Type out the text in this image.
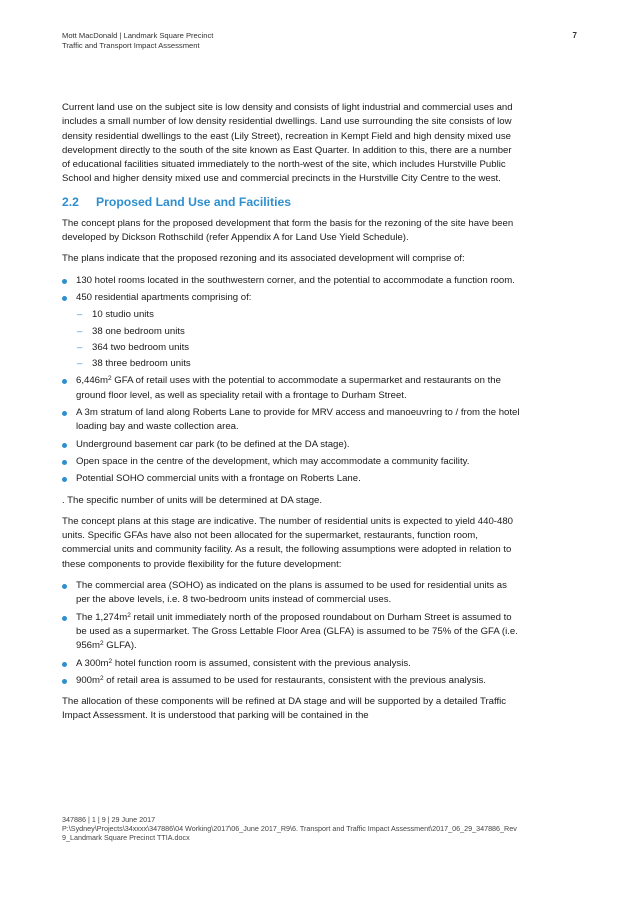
Mott MacDonald | Landmark Square Precinct
Traffic and Transport Impact Assessment
7

Current land use on the subject site is low density and consists of light industrial and commercial uses and includes a small number of low density residential dwellings. Land use surrounding the site consists of low density residential dwellings to the east (Lily Street), recreation in Kempt Field and high density mixed use development directly to the south of the site known as East Quarter. In addition to this, there are a number of educational facilities situated immediately to the north-west of the site, which includes Hurstville Public School and higher density mixed use and commercial precincts in the Hurstville City Centre to the west.

2.2 Proposed Land Use and Facilities

The concept plans for the proposed development that form the basis for the rezoning of the site have been developed by Dickson Rothschild (refer Appendix A for Land Use Yield Schedule).

The plans indicate that the proposed rezoning and its associated development will comprise of:

130 hotel rooms located in the southwestern corner, and the potential to accommodate a function room.
450 residential apartments comprising of:
– 10 studio units
– 38 one bedroom units
– 364 two bedroom units
– 38 three bedroom units
$6,446m^2$ GFA of retail uses with the potential to accommodate a supermarket and restaurants on the ground floor level, as well as speciality retail with a frontage to Durham Street.
A 3m stratum of land along Roberts Lane to provide for MRV access and manoeuvring to / from the hotel loading bay and waste collection area.
Underground basement car park (to be defined at the DA stage).
Open space in the centre of the development, which may accommodate a community facility.
Potential SOHO commercial units with a frontage on Roberts Lane.

. The specific number of units will be determined at DA stage.

The concept plans at this stage are indicative. The number of residential units is expected to yield 440-480 units. Specific GFAs have also not been allocated for the supermarket, restaurants, function room, commercial units and community facility. As a result, the following assumptions were adopted in relation to these components to provide flexibility for the future development:

The commercial area (SOHO) as indicated on the plans is assumed to be used for residential units as per the above levels, i.e. 8 two-bedroom units instead of commercial uses.
The $1,274m^2$ retail unit immediately north of the proposed roundabout on Durham Street is assumed to be used as a supermarket. The Gross Lettable Floor Area (GLFA) is assumed to be 75% of the GFA (i.e. $956m^2$ GLFA).
A $300m^2$ hotel function room is assumed, consistent with the previous analysis.
$900m^2$ of retail area is assumed to be used for restaurants, consistent with the previous analysis.

The allocation of these components will be refined at DA stage and will be supported by a detailed Traffic Impact Assessment. It is understood that parking will be contained in the

347886 | 1 | 9 | 29 June 2017
P:\Sydney\Projects\34xxxx\347886\04 Working\2017\06_June 2017_R9\6. Transport and Traffic Impact Assessment\2017_06_29_347886_Rev 9_Landmark Square Precinct TTIA.docx
